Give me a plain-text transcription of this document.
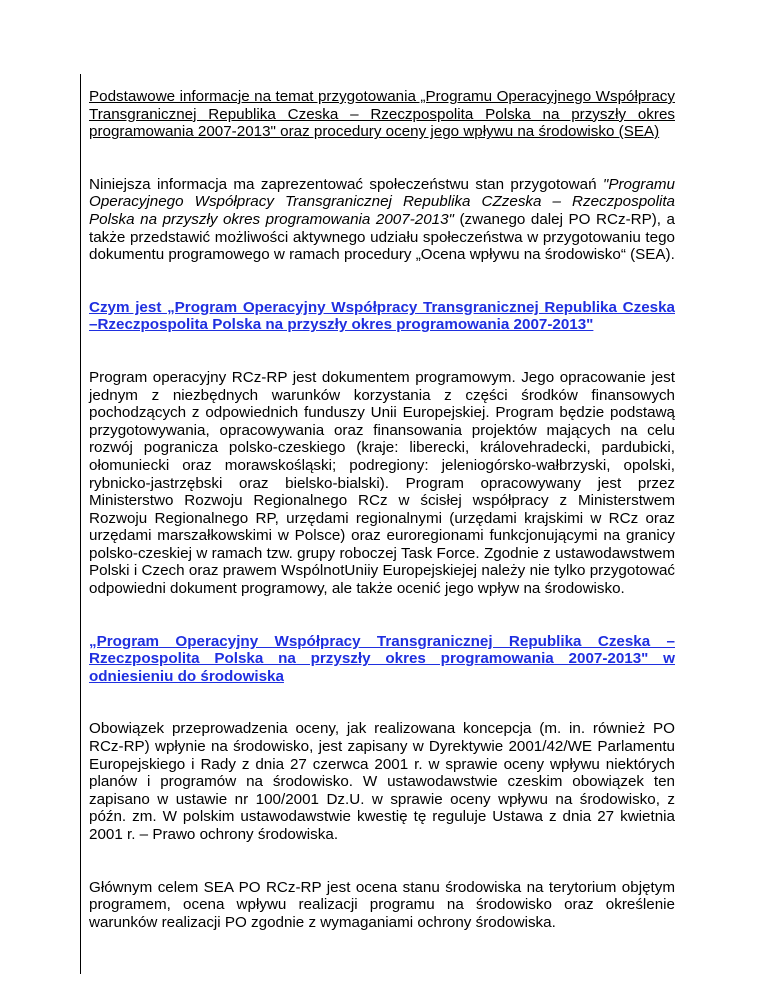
Podstawowe informacje na temat przygotowania „Programu Operacyjnego Współpracy Transgranicznej Republika Czeska – Rzeczpospolita Polska na przyszły okres programowania 2007-2013" oraz procedury oceny jego wpływu na środowisko (SEA)

Niniejsza informacja ma zaprezentować społeczeństwu stan przygotowań "Programu Operacyjnego Współpracy Transgranicznej Republika CZzeska – Rzeczpospolita Polska na przyszły okres programowania 2007-2013" (zwanego dalej PO RCz-RP), a także przedstawić możliwości aktywnego udziału społeczeństwa w przygotowaniu tego dokumentu programowego w ramach procedury „Ocena wpływu na środowisko“ (SEA).

Czym jest „Program Operacyjny Współpracy Transgranicznej Republika Czeska –Rzeczpospolita Polska na przyszły okres programowania 2007-2013"

Program operacyjny RCz-RP jest dokumentem programowym. Jego opracowanie jest jednym z niezbędnych warunków korzystania z części środków finansowych pochodzących z odpowiednich funduszy Unii Europejskiej. Program będzie podstawą przygotowywania, opracowywania oraz finansowania projektów mających na celu rozwój pogranicza polsko-czeskiego (kraje: liberecki, královehradecki, pardubicki, ołomuniecki oraz morawskośląski; podregiony: jeleniogórsko-wałbrzyski, opolski, rybnicko-jastrzębski oraz bielsko-bialski). Program opracowywany jest przez Ministerstwo Rozwoju Regionalnego RCz w ścisłej współpracy z Ministerstwem Rozwoju Regionalnego RP, urzędami regionalnymi (urzędami krajskimi w RCz oraz urzędami marszałkowskimi w Polsce) oraz euroregionami funkcjonującymi na granicy polsko-czeskiej w ramach tzw. grupy roboczej Task Force. Zgodnie z ustawodawstwem Polski i Czech oraz prawem WspólnotUniiy Europejskiejej należy nie tylko przygotować odpowiedni dokument programowy, ale także ocenić jego wpływ na środowisko.

„Program Operacyjny Współpracy Transgranicznej Republika Czeska – Rzeczpospolita Polska na przyszły okres programowania 2007-2013" w odniesieniu do środowiska

Obowiązek przeprowadzenia oceny, jak realizowana koncepcja (m. in. również PO RCz-RP) wpłynie na środowisko, jest zapisany w Dyrektywie 2001/42/WE Parlamentu Europejskiego i Rady z dnia 27 czerwca 2001 r. w sprawie oceny wpływu niektórych planów i programów na środowisko. W ustawodawstwie czeskim obowiązek ten zapisano w ustawie nr 100/2001 Dz.U. w sprawie oceny wpływu na środowisko, z późn. zm. W polskim ustawodawstwie kwestię tę reguluje Ustawa z dnia 27 kwietnia 2001 r. – Prawo ochrony środowiska.

Głównym celem SEA PO RCz-RP jest ocena stanu środowiska na terytorium objętym programem, ocena wpływu realizacji programu na środowisko oraz określenie warunków realizacji PO zgodnie z wymaganiami ochrony środowiska.
